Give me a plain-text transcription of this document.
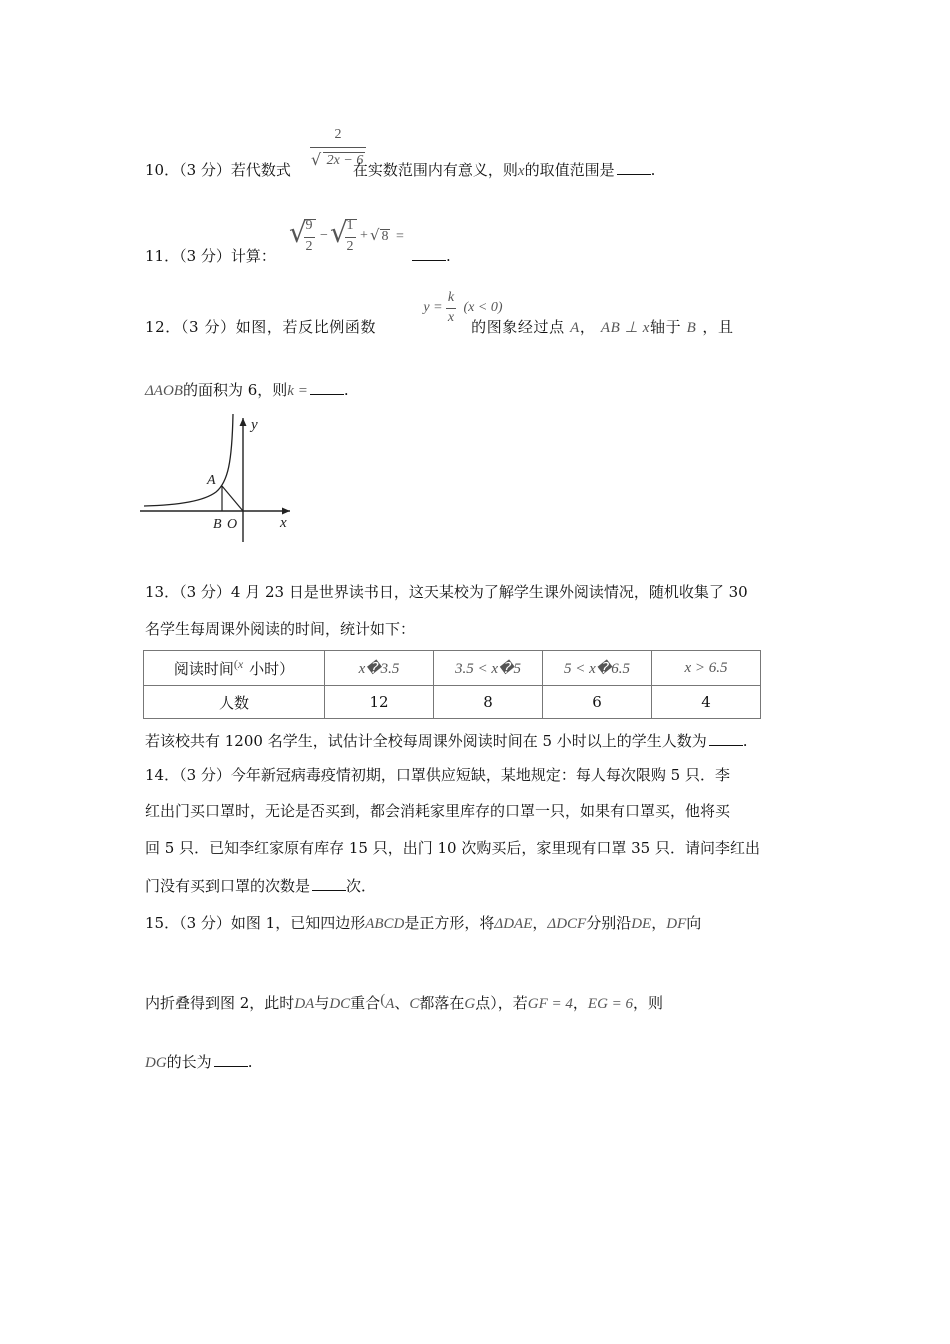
2
√ 2x − 6
10．（3 分）若代数式	在实数范围内有意义，则x的取值范围是 .
11．（3 分）计算：
√
9
2
− √
1
2
+ √ 8 =
.
y =
k
x
(x < 0)
12．（3 分）如图，若反比例函数	的图象经过点 A， AB ⊥ x轴于 B ，且
ΔAOB的面积为 6，则k = .
y
x
A
B O
13．（3 分）4 月 23 日是世界读书日，这天某校为了解学生课外阅读情况，随机收集了 30
名学生每周课外阅读的时间，统计如下：
阅读时间$^{(x}$ 小时）	x�3.5	3.5 < x�5	5 < x�6.5	x > 6.5
人数	12	8	6	4
若该校共有 1200 名学生，试估计全校每周课外阅读时间在 5 小时以上的学生人数为 .
14．（3 分）今年新冠病毒疫情初期，口罩供应短缺，某地规定：每人每次限购 5 只．李
红出门买口罩时，无论是否买到，都会消耗家里库存的口罩一只，如果有口罩买，他将买
回 5 只．已知李红家原有库存 15 只，出门 10 次购买后，家里现有口罩 35 只．请问李红出
门没有买到口罩的次数是 次．
15．（3 分）如图 1，已知四边形ABCD是正方形，将ΔDAE，ΔDCF分别沿DE，DF向
内折叠得到图 2，此时DA与DC重合(A、C都落在G点），若GF = 4，EG = 6，则
DG的长为 .
